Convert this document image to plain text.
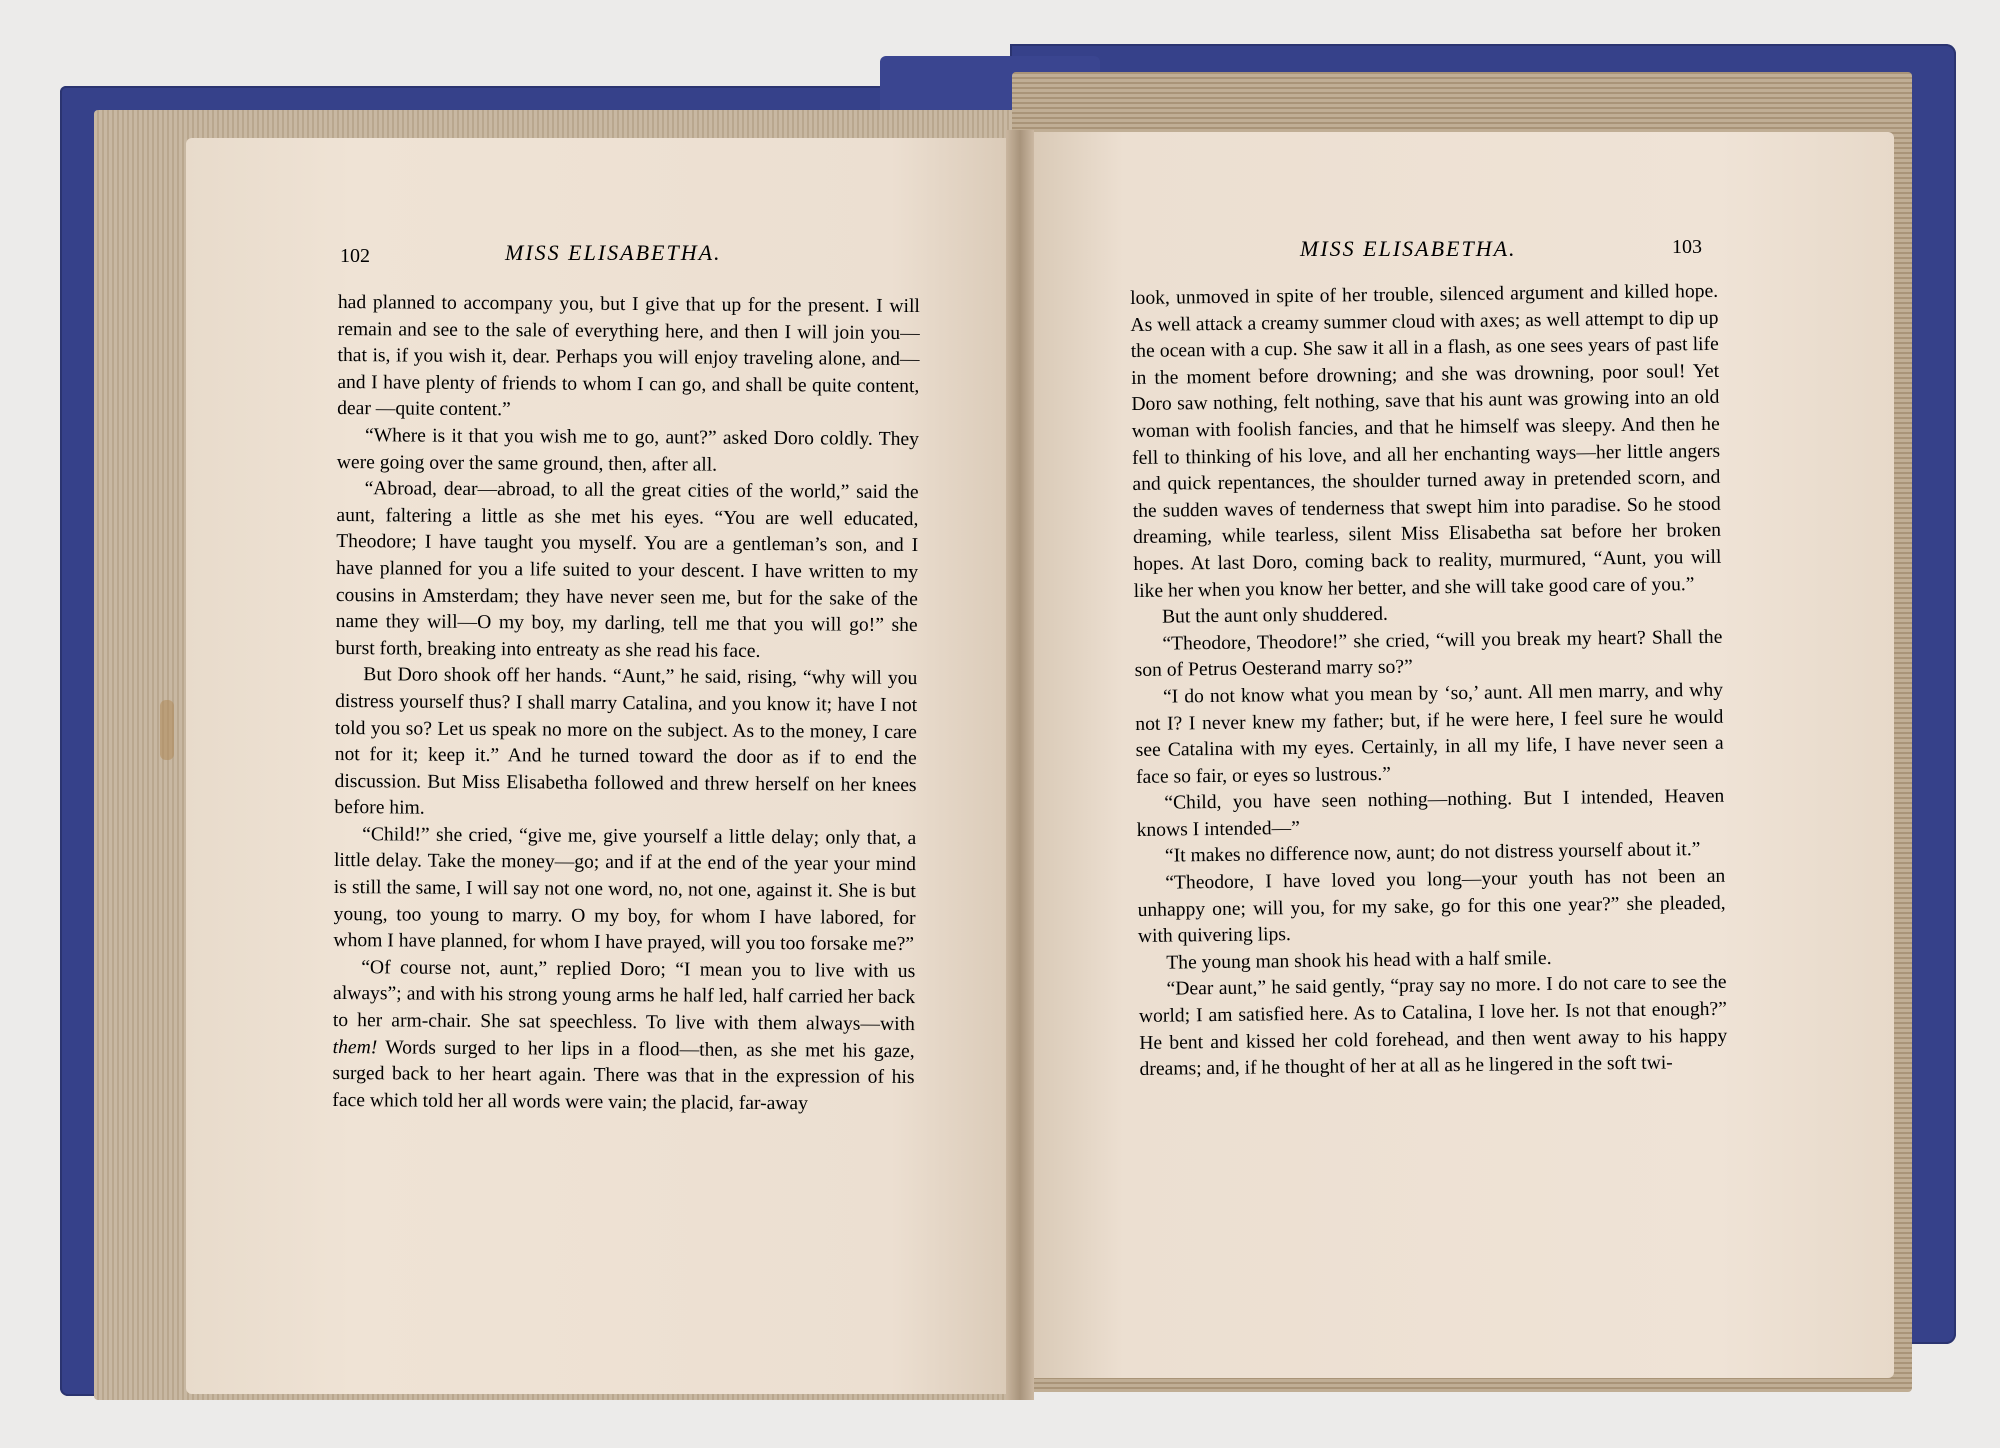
102	MISS ELISABETHA.	MISS ELISABETHA.	103

had planned to accompany you, but I give that up for the present. I will remain and see to the sale of everything here, and then I will join you—that is, if you wish it, dear. Perhaps you will enjoy traveling alone, and—and I have plenty of friends to whom I can go, and shall be quite content, dear —quite content.”

“Where is it that you wish me to go, aunt?” asked Doro coldly. They were going over the same ground, then, after all.

“Abroad, dear—abroad, to all the great cities of the world,” said the aunt, faltering a little as she met his eyes. “You are well educated, Theodore; I have taught you myself. You are a gentleman’s son, and I have planned for you a life suited to your descent. I have written to my cousins in Amsterdam; they have never seen me, but for the sake of the name they will—O my boy, my darling, tell me that you will go!” she burst forth, breaking into entreaty as she read his face.

But Doro shook off her hands. “Aunt,” he said, rising, “why will you distress yourself thus? I shall marry Catalina, and you know it; have I not told you so? Let us speak no more on the subject. As to the money, I care not for it; keep it.” And he turned toward the door as if to end the discussion. But Miss Elisabetha followed and threw herself on her knees before him.

“Child!” she cried, “give me, give yourself a little delay; only that, a little delay. Take the money—go; and if at the end of the year your mind is still the same, I will say not one word, no, not one, against it. She is but young, too young to marry. O my boy, for whom I have labored, for whom I have planned, for whom I have prayed, will you too forsake me?”

“Of course not, aunt,” replied Doro; “I mean you to live with us always”; and with his strong young arms he half led, half carried her back to her arm-chair. She sat speechless. To live with them always—with them! Words surged to her lips in a flood—then, as she met his gaze, surged back to her heart again. There was that in the expression of his face which told her all words were vain; the placid, far-away

look, unmoved in spite of her trouble, silenced argument and killed hope. As well attack a creamy summer cloud with axes; as well attempt to dip up the ocean with a cup. She saw it all in a flash, as one sees years of past life in the moment before drowning; and she was drowning, poor soul! Yet Doro saw nothing, felt nothing, save that his aunt was growing into an old woman with foolish fancies, and that he himself was sleepy. And then he fell to thinking of his love, and all her enchanting ways—her little angers and quick repentances, the shoulder turned away in pretended scorn, and the sudden waves of tenderness that swept him into paradise. So he stood dreaming, while tearless, silent Miss Elisabetha sat before her broken hopes. At last Doro, coming back to reality, murmured, “Aunt, you will like her when you know her better, and she will take good care of you.”

But the aunt only shuddered.

“Theodore, Theodore!” she cried, “will you break my heart? Shall the son of Petrus Oesterand marry so?”

“I do not know what you mean by ‘so,’ aunt. All men marry, and why not I? I never knew my father; but, if he were here, I feel sure he would see Catalina with my eyes. Certainly, in all my life, I have never seen a face so fair, or eyes so lustrous.”

“Child, you have seen nothing—nothing. But I intended, Heaven knows I intended—”

“It makes no difference now, aunt; do not distress yourself about it.”

“Theodore, I have loved you long—your youth has not been an unhappy one; will you, for my sake, go for this one year?” she pleaded, with quivering lips.

The young man shook his head with a half smile.

“Dear aunt,” he said gently, “pray say no more. I do not care to see the world; I am satisfied here. As to Catalina, I love her. Is not that enough?” He bent and kissed her cold forehead, and then went away to his happy dreams; and, if he thought of her at all as he lingered in the soft twi-
